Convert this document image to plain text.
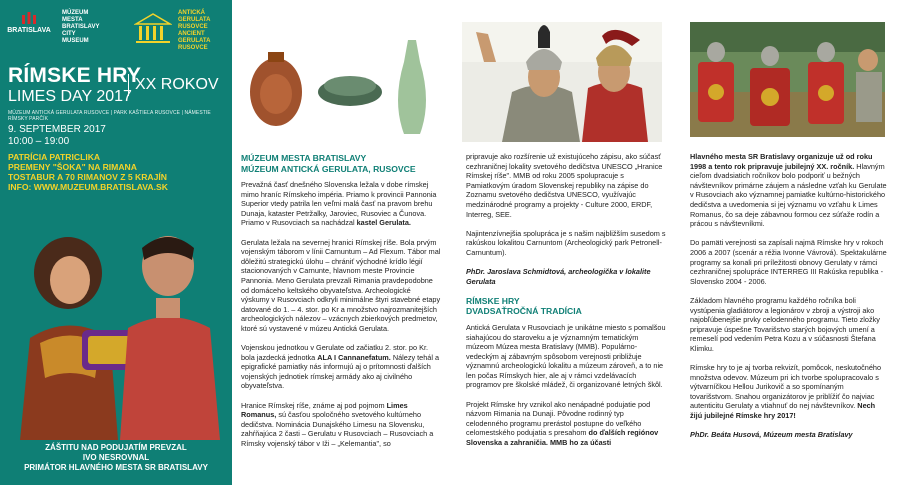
BRATISLAVA
MÚZEUM
MESTA
BRATISLAVY
CITY
MUSEUM
ANTICKÁ
GERULATA
RUSOVCE
ANCIENT
GERULATA
RUSOVCE
RÍMSKE HRY
LIMES DAY 2017
XX ROKOV
MÚZEUM ANTICKÁ GERULATA RUSOVCE | PARK KAŠTIEĽA RUSOVCE | NÁMESTIE RÍMSKY PARČÍK
9. SEPTEMBER 2017
10:00 – 19:00
PATRÍCIA PATRICLIKA
PREMENY "ŠOKA" NA RIMANA
TOSTABUR A 70 RIMANOV Z 5 KRAJÍN
INFO: WWW.MUZEUM.BRATISLAVA.SK
ZÁŠTITU NAD PODUJATÍM PREVZAL
IVO NESROVNAL
PRIMÁTOR HLAVNÉHO MESTA SR BRATISLAVY
MÚZEUM MESTA BRATISLAVY
MÚZEUM ANTICKÁ GERULATA, RUSOVCE

Prevažná časť dnešného Slovenska ležala v dobe rímskej mimo hraníc Rímskeho impéria. Priamo k provincii Pannonia Superior vtedy patrila len veľmi malá časť na pravom brehu Dunaja, kataster Petržalky, Jaroviec, Rusoviec a Čunova. Priamo v Rusovciach sa nachádzal kastel Gerulata.

Gerulata ležala na severnej hranici Rímskej ríše. Bola prvým vojenským táborom v línii Carnuntum – Ad Flexum. Tábor mal dôležitú strategickú úlohu – chrániť východné krídlo légií stacionovaných v Carnunte, hlavnom meste Provincie Pannonia. Meno Gerulata prevzali Rimania pravdepodobne od domáceho keltského obyvateľstva. Archeologické výskumy v Rusovciach odkryli minimálne štyri stavebné etapy datované do 1. – 4. stor. po Kr a množstvo najrozmanitejších archeologických nálezov – vzácnych zbierkových predmetov, ktoré sú vystavené v múzeu Antická Gerulata.

Vojenskou jednotkou v Gerulate od začiatku 2. stor. po Kr. bola jazdecká jednotka ALA I Cannanefatum. Nálezy tehál a epigrafické pamiatky nás informujú aj o prítomnosti ďalších vojenských jednotiek rímskej armády ako aj civilného obyvateľstva.

Hranice Rímskej ríše, známe aj pod pojmom Limes Romanus, sú časťou spoločného svetového kultúrneho dedičstva. Nominácia Dunajského Limesu na Slovensku, zahŕňajúca 2 časti – Gerulatu v Rusovciach – Rusovciach a Rímsky vojenský tábor v Iži – „Kelemantia", so

pripravuje ako rozšírenie už existujúceho zápisu, ako súčasť cezhraničnej lokality svetového dedičstva UNESCO „Hranice Rímskej ríše". MMB od roku 2005 spolupracuje s Pamiatkovým úradom Slovenskej republiky na zápise do Zoznamu svetového dedičstva UNESCO, využívajúc medzinárodné programy a projekty - Culture 2000, ERDF, Interreg, SEE.

Najintenzívnejšia spolupráca je s našim najbližším susedom s rakúskou lokalitou Carnuntom (Archeologický park Petronell-Carnuntum).

PhDr. Jaroslava Schmidtová, archeologička v lokalite Gerulata

RÍMSKE HRY
DVADSAŤROČNÁ TRADÍCIA

Antická Gerulata v Rusovciach je unikátne miesto s pomalšou siahajúcou do staroveku a je významným tematickým múzeom Múzea mesta Bratislavy (MMB). Populárno-vedeckým aj zábavným spôsobom verejnosti približuje významnú archeologickú lokalitu a múzeum zároveň, a to nie len počas Rímskych hier, ale aj v rámci vzdelávacích programov pre školské mládež, či organizované letných škôl.

Projekt Rímske hry vznikol ako nenápadné podujatie pod názvom Rimania na Dunaji. Pôvodne rodinný typ celodenného programu prerástol postupne do veľkého celomestského podujatia s presahom do ďalších regiónov Slovenska a zahraničia. MMB ho za účasti

Hlavného mesta SR Bratislavy organizuje už od roku 1998 a tento rok pripravuje jubilejný XX. ročník. Hlavným cieľom dvadsiatich ročníkov bolo podporiť u bežných návštevníkov primárne záujem a následne vzťah ku Gerulate v Rusovciach ako významnej pamiatke kultúrno-historického dedičstva a uvedomenia si jej významu vo vzťahu k Limes Romanus, čo sa deje zábavnou formou cez súťaže rodín a prácou s návštevníkmi.

Do pamäti verejnosti sa zapísali najmä Rímske hry v rokoch 2006 a 2007 (scenár a réžia Ivonne Vávrová). Spektakulárne programy sa konali pri príležitosti obnovy Gerulaty v rámci cezhraničnej spolupráce INTERREG III Rakúska republika - Slovensko 2004 - 2006.

Základom hlavného programu každého ročníka boli vystúpenia gladiátorov a legionárov v zbroji a výstroji ako najobľúbenejšie prvky celodenného programu. Tieto zložky pripravuje úspešne Tovarišstvo starých bojových umení a remeselí pod vedením Petra Kozu a v súčasnosti Štefana Klimku.

Rímske hry to je aj tvorba rekvizít, pomôcok, neskutočného množstva odevov. Múzeum pri ich tvorbe spolupracovalo s výtvarníčkou Hellou Jurikovič a so spomínaným tovarišstvom. Snahou organizátorov je priblížiť čo najviac autenticitu Gerulaty a vtiahnuť do nej návštevníkov. Nech žijú jubilejné Rímske hry 2017!

PhDr. Beáta Husová, Múzeum mesta Bratislavy
